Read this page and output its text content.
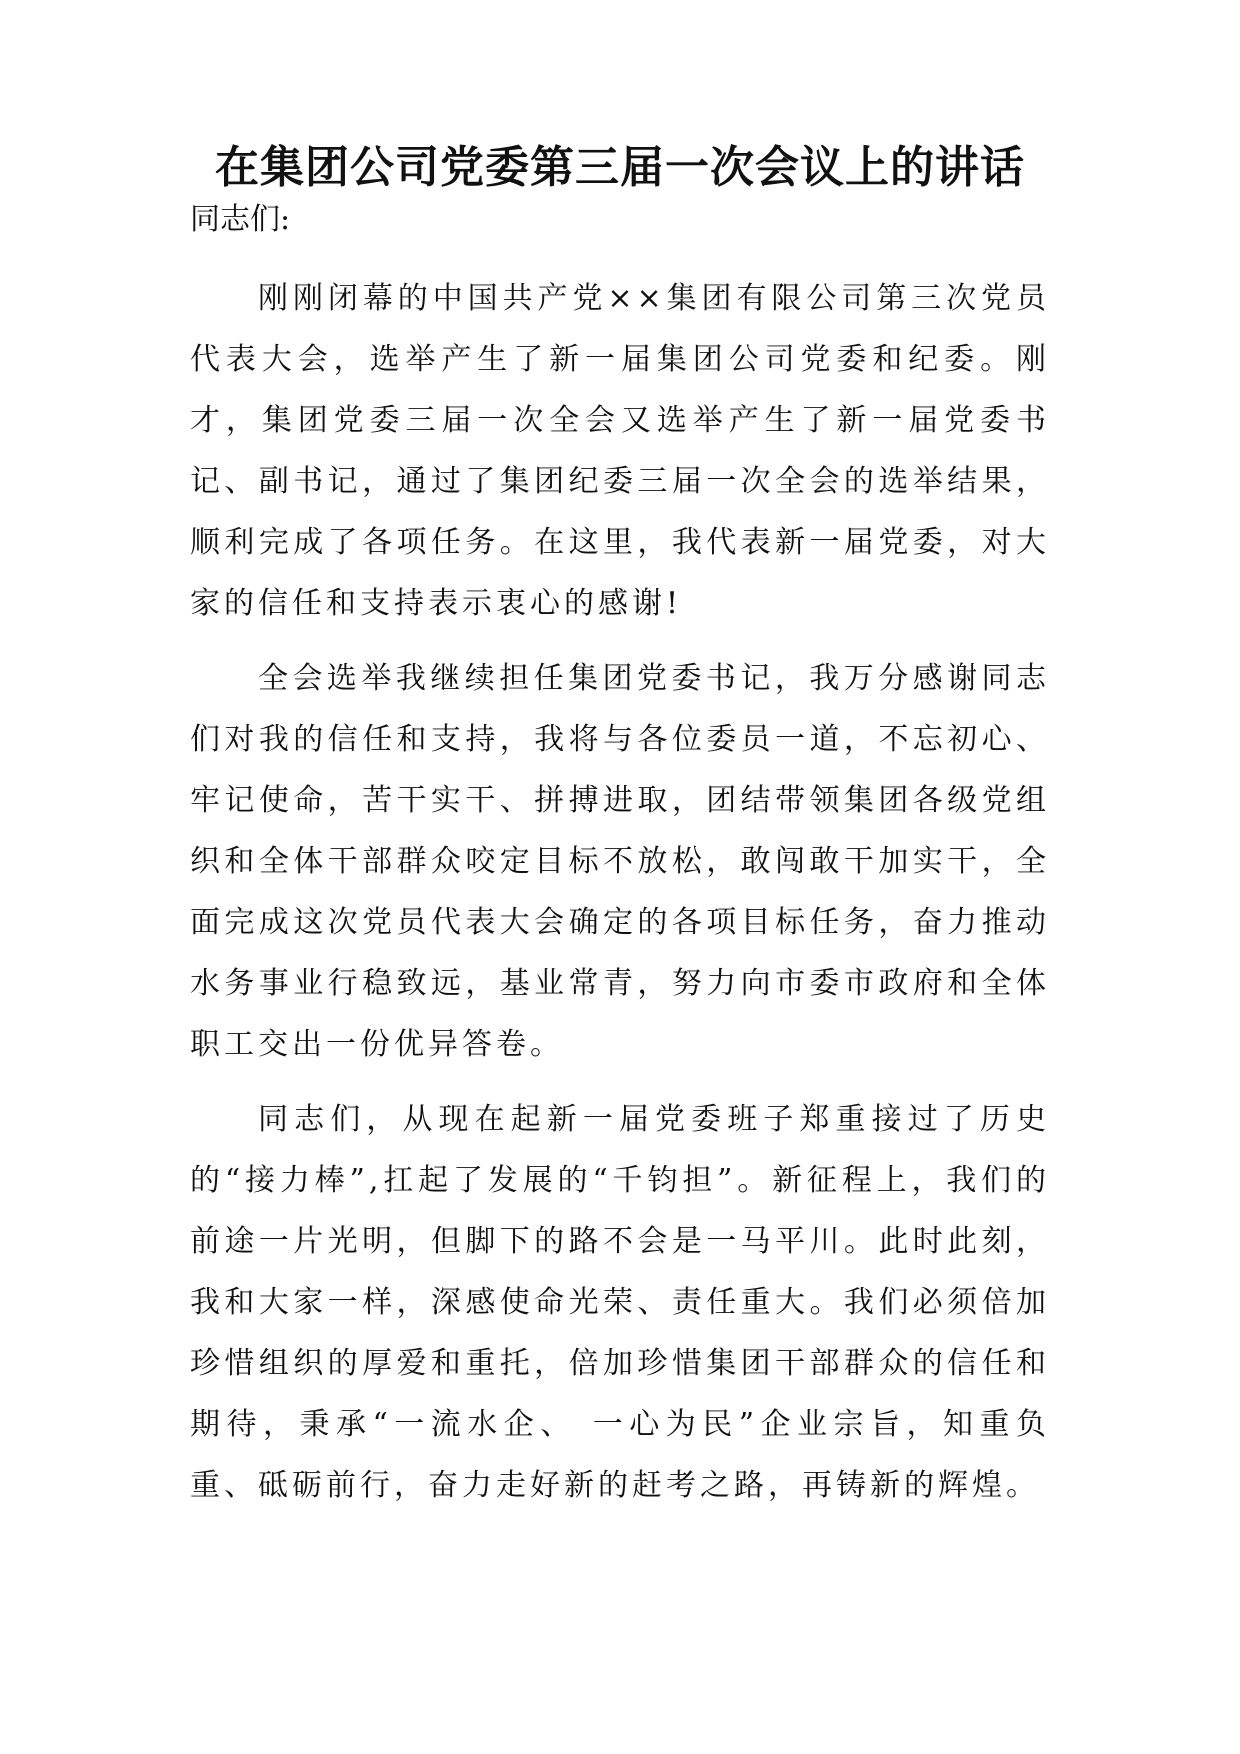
在集团公司党委第三届一次会议上的讲话

同志们:

刚刚闭幕的中国共产党××集团有限公司第三次党员代表大会，选举产生了新一届集团公司党委和纪委。刚才，集团党委三届一次全会又选举产生了新一届党委书记、副书记，通过了集团纪委三届一次全会的选举结果，顺利完成了各项任务。在这里，我代表新一届党委，对大家的信任和支持表示衷心的感谢!

全会选举我继续担任集团党委书记，我万分感谢同志们对我的信任和支持，我将与各位委员一道，不忘初心、牢记使命，苦干实干、拼搏进取，团结带领集团各级党组织和全体干部群众咬定目标不放松，敢闯敢干加实干，全面完成这次党员代表大会确定的各项目标任务，奋力推动水务事业行稳致远，基业常青，努力向市委市政府和全体职工交出一份优异答卷。

同志们，从现在起新一届党委班子郑重接过了历史的“接力棒”,扛起了发展的“千钧担”。新征程上，我们的前途一片光明，但脚下的路不会是一马平川。此时此刻，我和大家一样，深感使命光荣、责任重大。我们必须倍加珍惜组织的厚爱和重托，倍加珍惜集团干部群众的信任和期待，秉承“一流水企、 一心为民”企业宗旨，知重负重、砥砺前行，奋力走好新的赶考之路，再铸新的辉煌。
